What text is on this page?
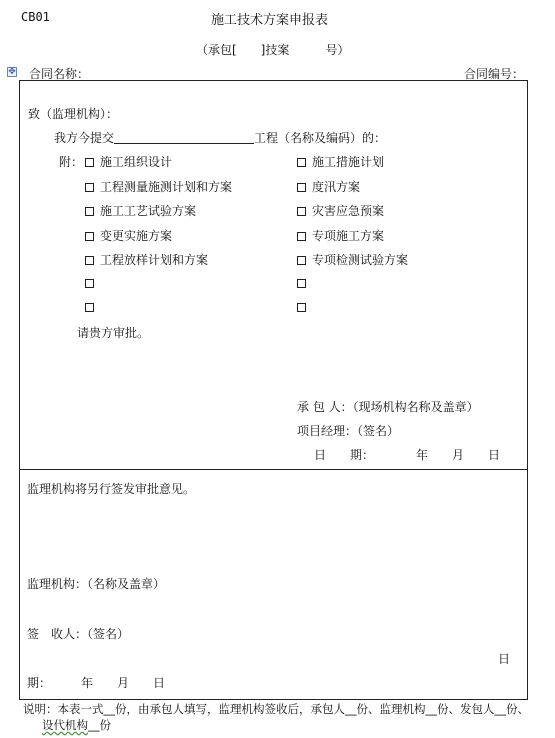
CB01	施工技术方案申报表
（承包[　　]技案　　　号）
✥ 合同名称：	合同编号：
致（监理机构）：
我方今提交	工程（名称及编码）的：
附：	施工组织设计
工程测量施测计划和方案
施工工艺试验方案
变更实施方案
工程放样计划和方案
施工措施计划
度汛方案
灾害应急预案
专项施工方案
专项检测试验方案
请贵方审批。
承 包 人：（现场机构名称及盖章）
项目经理：（签名）
日　　期：　　　　年　　月　　日
监理机构将另行签发审批意见。
监理机构：（名称及盖章）
签　收人：（签名）
日
期：　　　年　　月　　日
说明：本表一式__份，由承包人填写，监理机构签收后，承包人__份、监理机构__份、发包人__份、
设代机构__份
